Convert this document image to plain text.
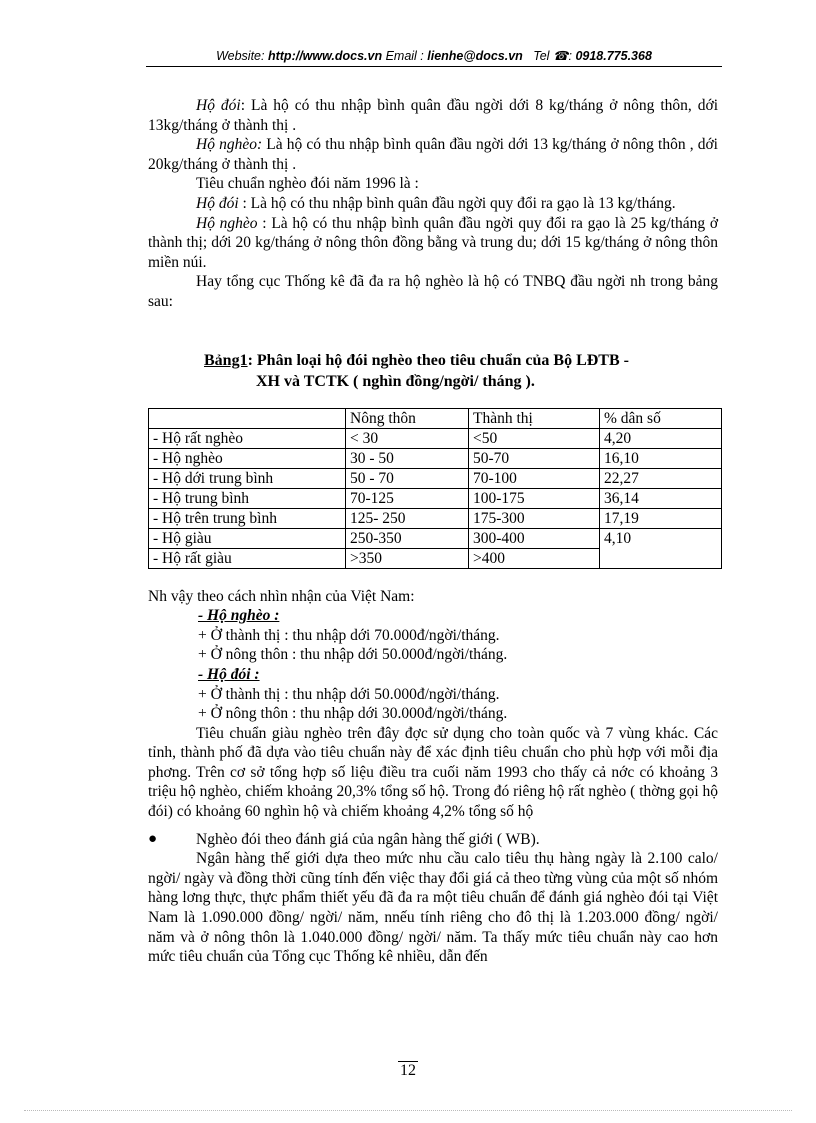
Website: http://www.docs.vn Email : lienhe@docs.vn Tel ☎: 0918.775.368

Hộ đói: Là hộ có thu nhập bình quân đầu ngời dới 8 kg/tháng ở nông thôn, dới 13kg/tháng ở thành thị .

Hộ nghèo: Là hộ có thu nhập bình quân đầu ngời dới 13 kg/tháng ở nông thôn , dới 20kg/tháng ở thành thị .

Tiêu chuẩn nghèo đói năm 1996 là :

Hộ đói : Là hộ có thu nhập bình quân đầu ngời quy đổi ra gạo là 13 kg/tháng.

Hộ nghèo : Là hộ có thu nhập bình quân đầu ngời quy đổi ra gạo là 25 kg/tháng ở thành thị; dới 20 kg/tháng ở nông thôn đồng bằng và trung du; dới 15 kg/tháng ở nông thôn miền núi.

Hay tổng cục Thống kê đã đa ra hộ nghèo là hộ có TNBQ đầu ngời nh trong bảng sau:

Bảng1: Phân loại hộ đói nghèo theo tiêu chuẩn của Bộ LĐTB -

XH và TCTK ( nghìn đồng/ngời/ tháng ).

	Nông thôn	Thành thị	% dân số
- Hộ rất nghèo	< 30	<50	4,20
- Hộ nghèo	30 - 50	50-70	16,10
- Hộ dới trung bình	50 - 70	70-100	22,27
- Hộ trung bình	70-125	100-175	36,14
- Hộ trên trung bình	125- 250	175-300	17,19
- Hộ giàu	250-350	300-400	4,10
- Hộ rất giàu	>350	>400	

Nh vậy theo cách nhìn nhận của Việt Nam:

- Hộ nghèo :

+ Ở thành thị : thu nhập dới 70.000đ/ngời/tháng.

+ Ở nông thôn : thu nhập dới 50.000đ/ngời/tháng.

- Hộ đói :

+ Ở thành thị : thu nhập dới 50.000đ/ngời/tháng.

+ Ở nông thôn : thu nhập dới 30.000đ/ngời/tháng.

Tiêu chuẩn giàu nghèo trên đây đợc sử dụng cho toàn quốc và 7 vùng khác. Các tỉnh, thành phố đã dựa vào tiêu chuẩn này để xác định tiêu chuẩn cho phù hợp với mỗi địa phơng. Trên cơ sở tổng hợp số liệu điều tra cuối năm 1993 cho thấy cả nớc có khoảng 3 triệu hộ nghèo, chiếm khoảng 20,3% tổng số hộ. Trong đó riêng hộ rất nghèo ( thờng gọi hộ đói) có khoảng 60 nghìn hộ và chiếm khoảng 4,2% tổng số hộ

●	Nghèo đói theo đánh giá của ngân hàng thế giới ( WB).

Ngân hàng thế giới dựa theo mức nhu cầu calo tiêu thụ hàng ngày là 2.100 calo/ ngời/ ngày và đồng thời cũng tính đến việc thay đổi giá cả theo từng vùng của một số nhóm hàng lơng thực, thực phẩm thiết yếu đã đa ra một tiêu chuẩn để đánh giá nghèo đói tại Việt Nam là 1.090.000 đồng/ ngời/ năm, nnếu tính riêng cho đô thị là 1.203.000 đồng/ ngời/ năm và ở nông thôn là 1.040.000 đồng/ ngời/ năm. Ta thấy mức tiêu chuẩn này cao hơn mức tiêu chuẩn của Tổng cục Thống kê nhiều, dẫn đến

12
